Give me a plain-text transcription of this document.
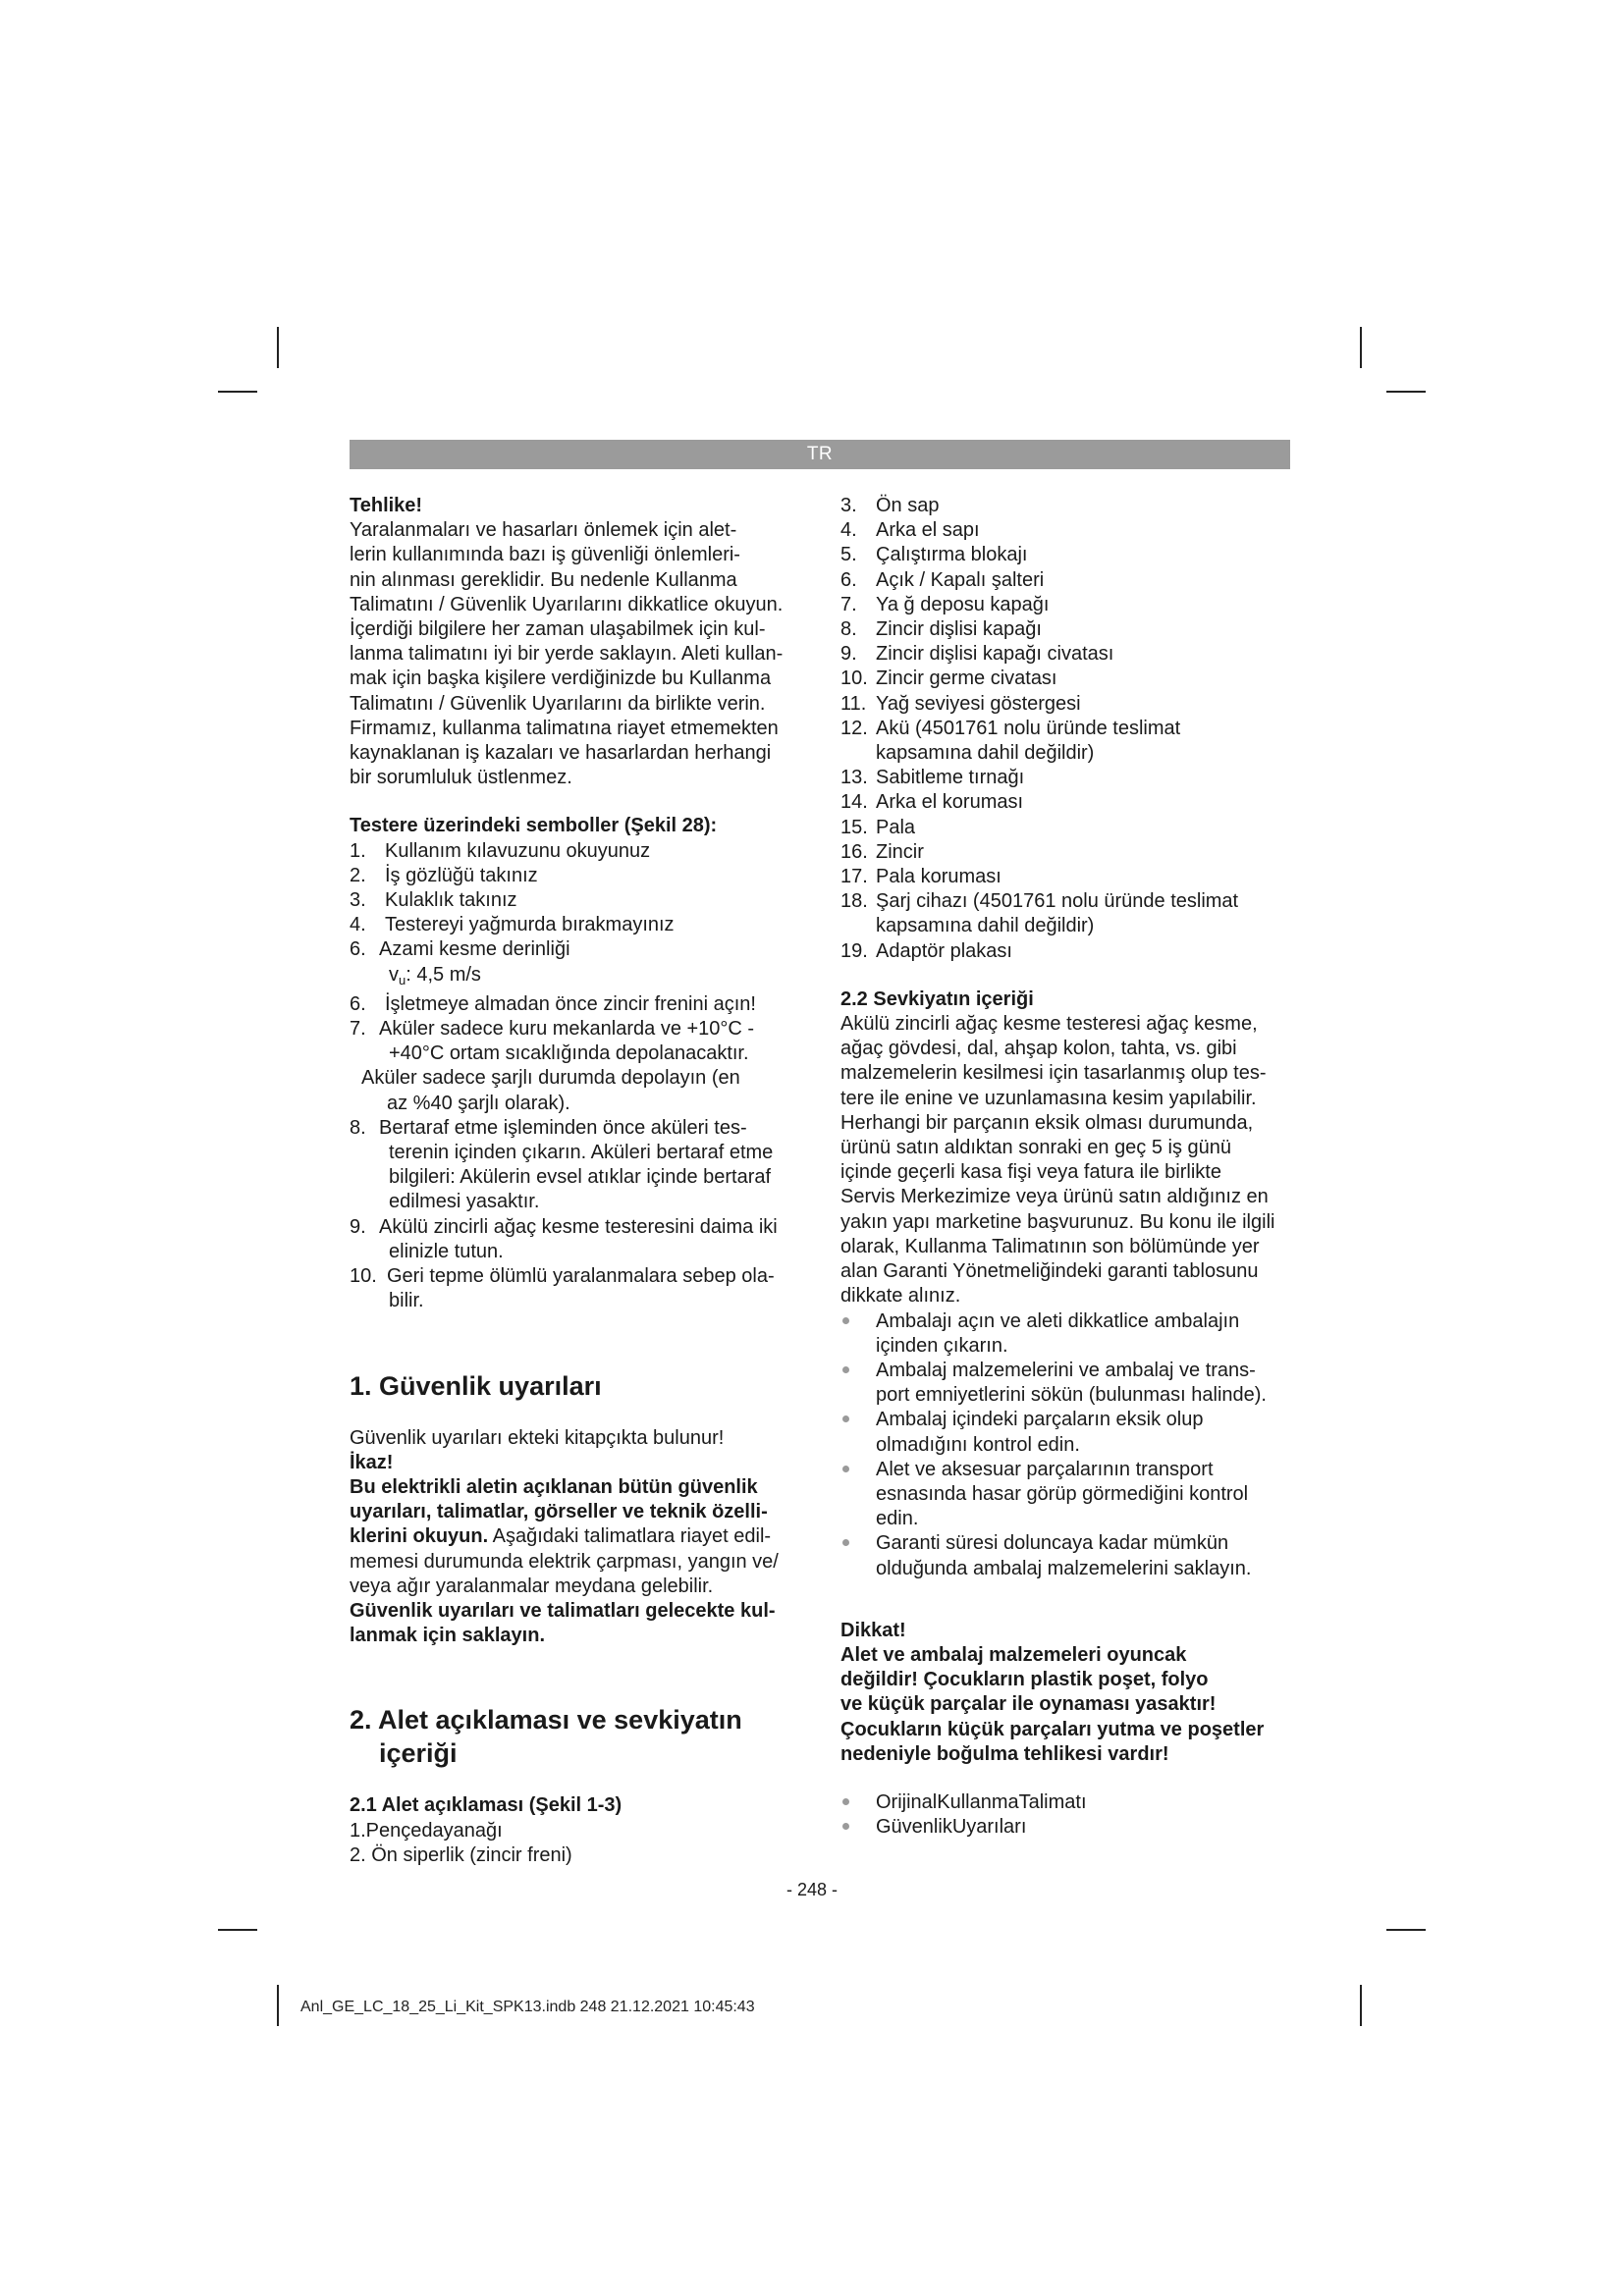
TR

Tehlike!

Yaralanmaları ve hasarları önlemek için alet-

lerin kullanımında bazı iş güvenliği önlemleri-

nin alınması gereklidir. Bu nedenle Kullanma

Talimatını / Güvenlik Uyarılarını dikkatlice okuyun.

İçerdiği bilgilere her zaman ulaşabilmek için kul-

lanma talimatını iyi bir yerde saklayın. Aleti kullan-

mak için başka kişilere verdiğinizde bu Kullanma

Talimatını / Güvenlik Uyarılarını da birlikte verin.

Firmamız, kullanma talimatına riayet etmemekten

kaynaklanan iş kazaları ve hasarlardan herhangi

bir sorumluluk üstlenmez.

Testere üzerindeki semboller (Şekil 28):

1. Kullanım kılavuzunu okuyunuz
2. İş gözlüğü takınız
3. Kulaklık takınız
4. Testereyi yağmurda bırakmayınız
6. Azami kesme derinliği

$v_u$: 4,5 m/s

6. İşletmeye almadan önce zincir frenini açın!
7. Aküler sadece kuru mekanlarda ve +10°C -
+40°C ortam sıcaklığında depolanacaktır.

Aküler sadece şarjlı durumda depolayın (en

az %40 şarjlı olarak).

8. Bertaraf etme işleminden önce aküleri tes-
terenin içinden çıkarın. Aküleri bertaraf etme
bilgileri: Akülerin evsel atıklar içinde bertaraf
edilmesi yasaktır.
9. Akülü zincirli ağaç kesme testeresini daima iki
elinizle tutun.
10. Geri tepme ölümlü yaralanmalara sebep ola-
bilir.

1. Güvenlik uyarıları

Güvenlik uyarıları ekteki kitapçıkta bulunur!

İkaz!

Bu elektrikli aletin açıklanan bütün güvenlik

uyarıları, talimatlar, görseller ve teknik özelli-

klerini okuyun. Aşağıdaki talimatlara riayet edil-

memesi durumunda elektrik çarpması, yangın ve/

veya ağır yaralanmalar meydana gelebilir.

Güvenlik uyarıları ve talimatları gelecekte kul-

lanmak için saklayın.

2. Alet açıklaması ve sevkiyatın

içeriği

2.1 Alet açıklaması (Şekil 1-3)

1.Pençedayanağı

2. Ön siperlik (zincir freni)

3. Ön sap
4. Arka el sapı
5. Çalıştırma blokajı
6. Açık / Kapalı şalteri
7. Ya ğ deposu kapağı
8. Zincir dişlisi kapağı
9. Zincir dişlisi kapağı civatası
10. Zincir germe civatası
11. Yağ seviyesi göstergesi
12. Akü (4501761 nolu üründe teslimat
kapsamına dahil değildir)
13. Sabitleme tırnağı
14. Arka el koruması
15. Pala
16. Zincir
17. Pala koruması
18. Şarj cihazı (4501761 nolu üründe teslimat
kapsamına dahil değildir)
19. Adaptör plakası

2.2 Sevkiyatın içeriği

Akülü zincirli ağaç kesme testeresi ağaç kesme,

ağaç gövdesi, dal, ahşap kolon, tahta, vs. gibi

malzemelerin kesilmesi için tasarlanmış olup tes-

tere ile enine ve uzunlamasına kesim yapılabilir.

Herhangi bir parçanın eksik olması durumunda,

ürünü satın aldıktan sonraki en geç 5 iş günü

içinde geçerli kasa fişi veya fatura ile birlikte

Servis Merkezimize veya ürünü satın aldığınız en

yakın yapı marketine başvurunuz. Bu konu ile ilgili

olarak, Kullanma Talimatının son bölümünde yer

alan Garanti Yönetmeliğindeki garanti tablosunu

dikkate alınız.

Ambalajı açın ve aleti dikkatlice ambalajın
içinden çıkarın.
Ambalaj malzemelerini ve ambalaj ve trans-
port emniyetlerini sökün (bulunması halinde).
Ambalaj içindeki parçaların eksik olup
olmadığını kontrol edin.
Alet ve aksesuar parçalarının transport
esnasında hasar görüp görmediğini kontrol
edin.
Garanti süresi doluncaya kadar mümkün
olduğunda ambalaj malzemelerini saklayın.

Dikkat!

Alet ve ambalaj malzemeleri oyuncak

değildir! Çocukların plastik poşet, folyo

ve küçük parçalar ile oynaması yasaktır!

Çocukların küçük parçaları yutma ve poşetler

nedeniyle boğulma tehlikesi vardır!

OrijinalKullanmaTalimatı
GüvenlikUyarıları
- 248 -
Anl_GE_LC_18_25_Li_Kit_SPK13.indb 248 21.12.2021 10:45:43
